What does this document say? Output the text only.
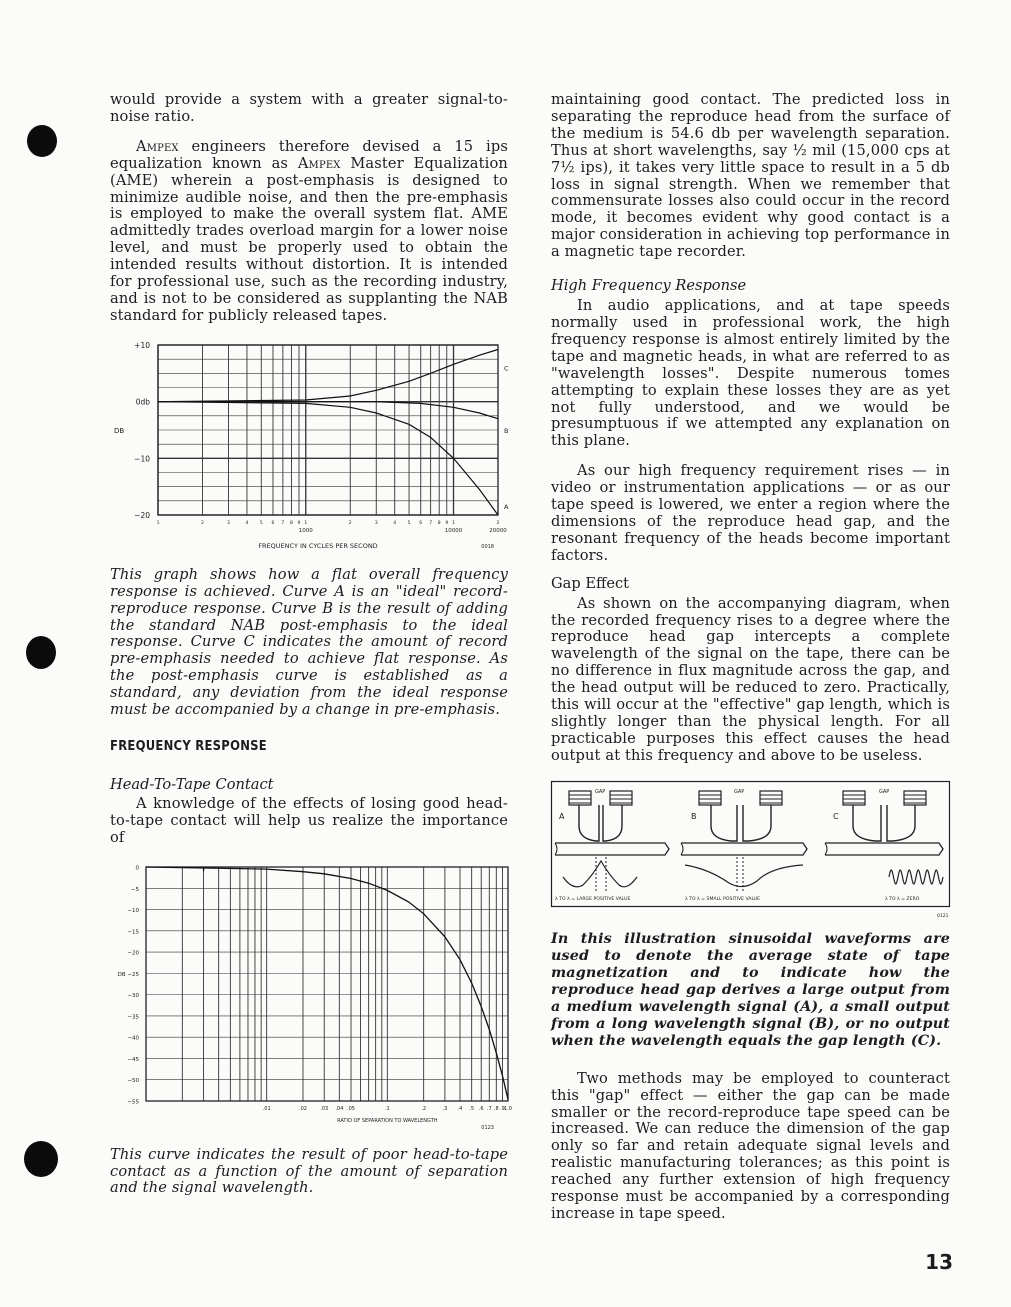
would provide a system with a greater signal-to-noise ratio.

Ampex engineers therefore devised a 15 ips equalization known as Ampex Master Equalization (AME) wherein a post-emphasis is designed to minimize audible noise, and then the pre-emphasis is employed to make the overall system flat. AME admittedly trades overload margin for a lower noise level, and must be properly used to obtain the intended results without distortion. It is intended for professional use, such as the recording industry, and is not to be considered as supplanting the NAB standard for publicly released tapes.

+10
0db
−10
−20
DB
1	2	3	4	5 6 7 8 9 1	2	3	4	5 6 7 8 9 1	2
1000	10000	20000
FREQUENCY IN CYCLES PER SECOND	0018
A
B
C

This graph shows how a flat overall frequency response is achieved. Curve A is an "ideal" record-reproduce response. Curve B is the result of adding the standard NAB post-emphasis to the ideal response. Curve C indicates the amount of record pre-emphasis needed to achieve flat response. As the post-emphasis curve is established as a standard, any deviation from the ideal response must be accompanied by a change in pre-emphasis.

FREQUENCY RESPONSE
Head-To-Tape Contact

A knowledge of the effects of losing good head-to-tape contact will help us realize the importance of

0
−5
−10
−15
−20
DB −25
−30
−35
−40
−45
−50
−55
.01	.02	.03 .04 .05	.1	.2	.3 .4 .5 .6 .7 .8 .9 1.0
RATIO OF SEPARATION TO WAVELENGTH
0123

This curve indicates the result of poor head-to-tape contact as a function of the amount of separation and the signal wavelength.

maintaining good contact. The predicted loss in separating the reproduce head from the surface of the medium is 54.6 db per wavelength separation. Thus at short wavelengths, say ½ mil (15,000 cps at 7½ ips), it takes very little space to result in a 5 db loss in signal strength. When we remember that commensurate losses also could occur in the record mode, it becomes evident why good contact is a major consideration in achieving top performance in a magnetic tape recorder.

High Frequency Response

In audio applications, and at tape speeds normally used in professional work, the high frequency response is almost entirely limited by the tape and magnetic heads, in what are referred to as "wavelength losses". Despite numerous tomes attempting to explain these losses they are as yet not fully understood, and we would be presumptuous if we attempted any explanation on this plane.

As our high frequency requirement rises — in video or instrumentation applications — or as our tape speed is lowered, we enter a region where the dimensions of the reproduce head gap, and the resonant frequency of the heads become important factors.

Gap Effect

As shown on the accompanying diagram, when the recorded frequency rises to a degree where the reproduce head gap intercepts a complete wavelength of the signal on the tape, there can be no difference in flux magnitude across the gap, and the head output will be reduced to zero. Practically, this will occur at the "effective" gap length, which is slightly longer than the physical length. For all practicable purposes this effect causes the head output at this frequency and above to be useless.

GAP
A
λ TO λ = LARGE POSITIVE VALUE
GAP
B
λ TO λ = SMALL POSITIVE VALUE
GAP
C
λ TO λ = ZERO
0121

In this illustration sinusoidal waveforms are used to denote the average state of tape magnetization and to indicate how the reproduce head gap derives a large output from a medium wavelength signal (A), a small output from a long wavelength signal (B), or no output when the wavelength equals the gap length (C).

Two methods may be employed to counteract this "gap" effect — either the gap can be made smaller or the record-reproduce tape speed can be increased. We can reduce the dimension of the gap only so far and retain adequate signal levels and realistic manufacturing tolerances; as this point is reached any further extension of high frequency response must be accompanied by a corresponding increase in tape speed.

13
